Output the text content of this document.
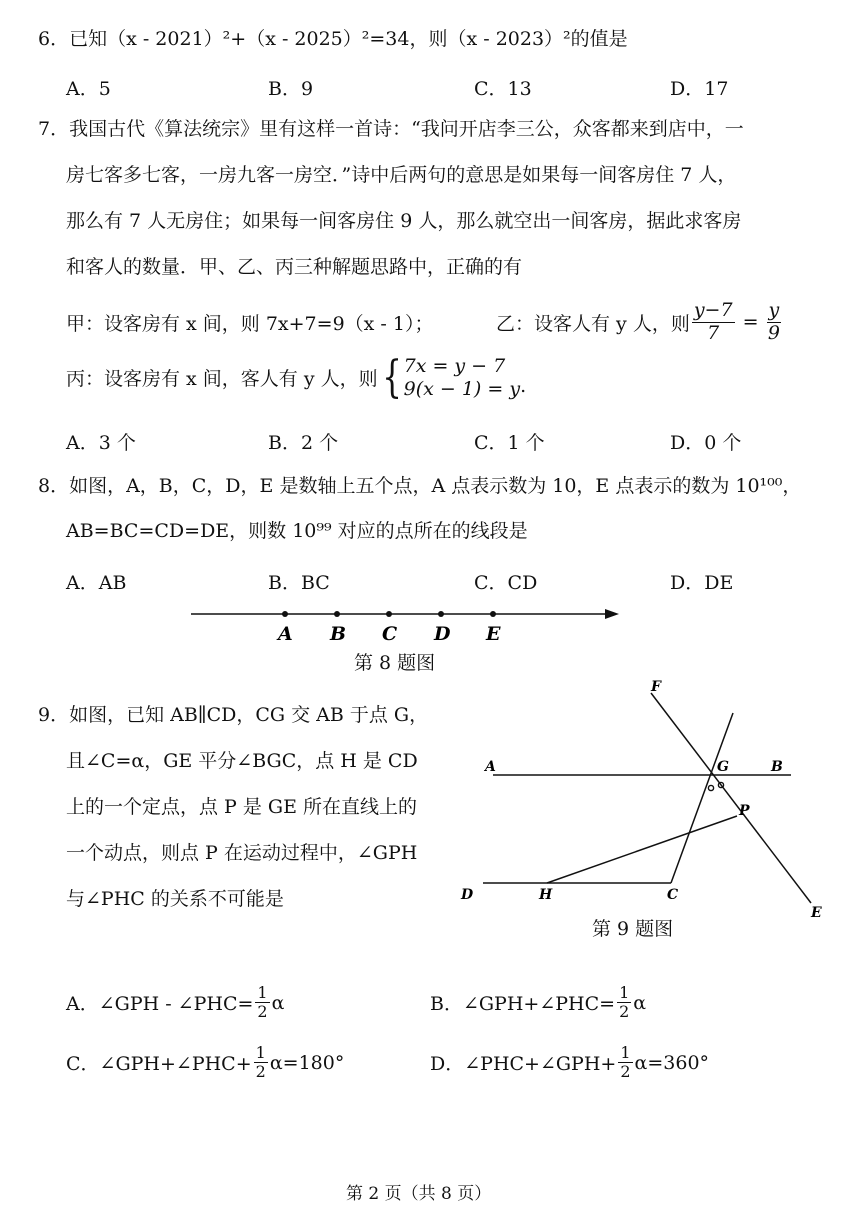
6．已知（x - 2021）²+（x - 2025）²=34，则（x - 2023）²的值是
A．5	B．9	C．13	D．17
7．我国古代《算法统宗》里有这样一首诗：“我问开店李三公，众客都来到店中，一
房七客多七客，一房九客一房空．”诗中后两句的意思是如果每一间客房住 7 人，
那么有 7 人无房住；如果每一间客房住 9 人，那么就空出一间客房，据此求客房
和客人的数量．甲、乙、丙三种解题思路中，正确的有
甲：设客房有 x 间，则 7x+7=9（x - 1）；	乙：设客人有 y 人，则 $\frac{y-7}{7} = \frac{y}{9}$
丙：设客房有 x 间，客人有 y 人，则 { 7x = y − 7
9(x − 1) = y .
A．3 个	B．2 个	C．1 个	D．0 个
8．如图，A，B，C，D，E 是数轴上五个点，A 点表示数为 10，E 点表示的数为 10¹⁰⁰，
AB=BC=CD=DE，则数 10⁹⁹ 对应的点所在的线段是
A．AB	B．BC	C．CD	D．DE
A B C D E
第 8 题图
9．如图，已知 AB∥CD，CG 交 AB 于点 G，
且∠C=α，GE 平分∠BGC，点 H 是 CD
上的一个定点，点 P 是 GE 所在直线上的
一个动点，则点 P 在运动过程中，∠GPH
与∠PHC 的关系不可能是
F
A	G	B
P
D	H	C
E
第 9 题图
A．∠GPH - ∠PHC= $\frac{1}{2}$ α	B．∠GPH+∠PHC= $\frac{1}{2}$ α
C．∠GPH+∠PHC+ $\frac{1}{2} \alpha=180^\circ$	D．∠PHC+∠GPH+ $\frac{1}{2} \alpha=360^\circ$
第 2 页（共 8 页）
